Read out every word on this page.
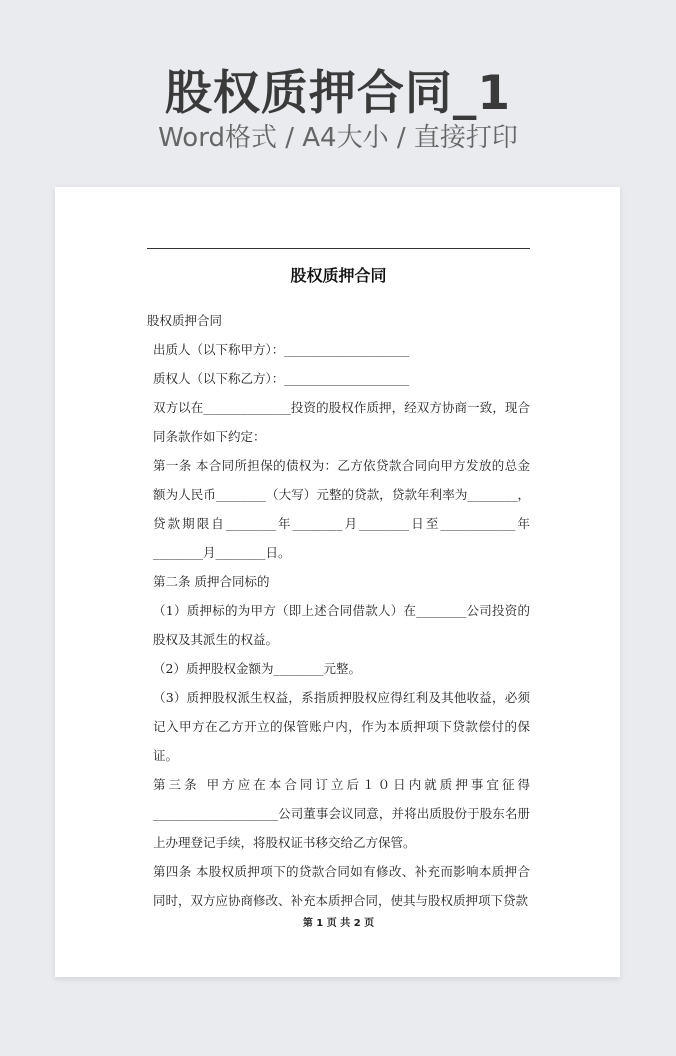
股权质押合同_1
Word格式 / A4大小 / 直接打印
股权质押合同

股权质押合同

出质人（以下称甲方）：____________________

质权人（以下称乙方）：____________________

双方以在______________投资的股权作质押，经双方协商一致，现合同条款作如下约定：

第一条 本合同所担保的债权为：乙方依贷款合同向甲方发放的总金额为人民币________（大写）元整的贷款，贷款年利率为________，贷款期限自________年________月________日至____________年________月________日。

第二条 质押合同标的

（1）质押标的为甲方（即上述合同借款人）在________公司投资的股权及其派生的权益。

（2）质押股权金额为________元整。

（3）质押股权派生权益，系指质押股权应得红利及其他收益，必须记入甲方在乙方开立的保管账户内，作为本质押项下贷款偿付的保证。

第三条 甲方应在本合同订立后１０日内就质押事宜征得____________________公司董事会议同意，并将出质股份于股东名册上办理登记手续，将股权证书移交给乙方保管。

第四条 本股权质押项下的贷款合同如有修改、补充而影响本质押合同时，双方应协商修改、补充本质押合同，使其与股权质押项下贷款

第 1 页 共 2 页
